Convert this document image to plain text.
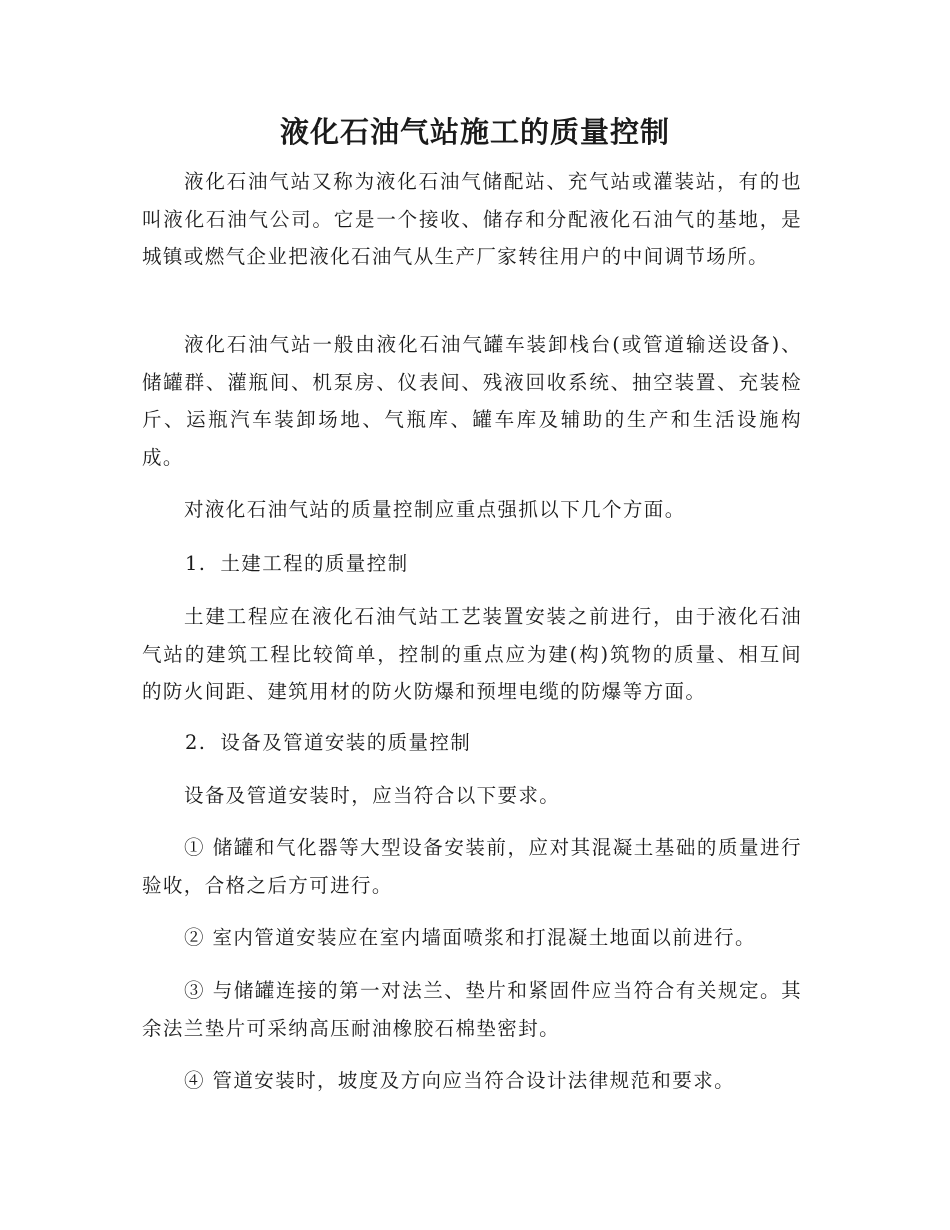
液化石油气站施工的质量控制

液化石油气站又称为液化石油气储配站、充气站或灌装站，有的也叫液化石油气公司。它是一个接收、储存和分配液化石油气的基地，是城镇或燃气企业把液化石油气从生产厂家转往用户的中间调节场所。

液化石油气站一般由液化石油气罐车装卸栈台(或管道输送设备)、储罐群、灌瓶间、机泵房、仪表间、残液回收系统、抽空装置、充装检斤、运瓶汽车装卸场地、气瓶库、罐车库及辅助的生产和生活设施构成。

对液化石油气站的质量控制应重点强抓以下几个方面。

1. 土建工程的质量控制

土建工程应在液化石油气站工艺装置安装之前进行，由于液化石油气站的建筑工程比较简单，控制的重点应为建(构)筑物的质量、相互间的防火间距、建筑用材的防火防爆和预埋电缆的防爆等方面。

2. 设备及管道安装的质量控制

设备及管道安装时，应当符合以下要求。

① 储罐和气化器等大型设备安装前，应对其混凝土基础的质量进行验收，合格之后方可进行。

② 室内管道安装应在室内墙面喷浆和打混凝土地面以前进行。

③ 与储罐连接的第一对法兰、垫片和紧固件应当符合有关规定。其余法兰垫片可采纳高压耐油橡胶石棉垫密封。

④ 管道安装时，坡度及方向应当符合设计法律规范和要求。
